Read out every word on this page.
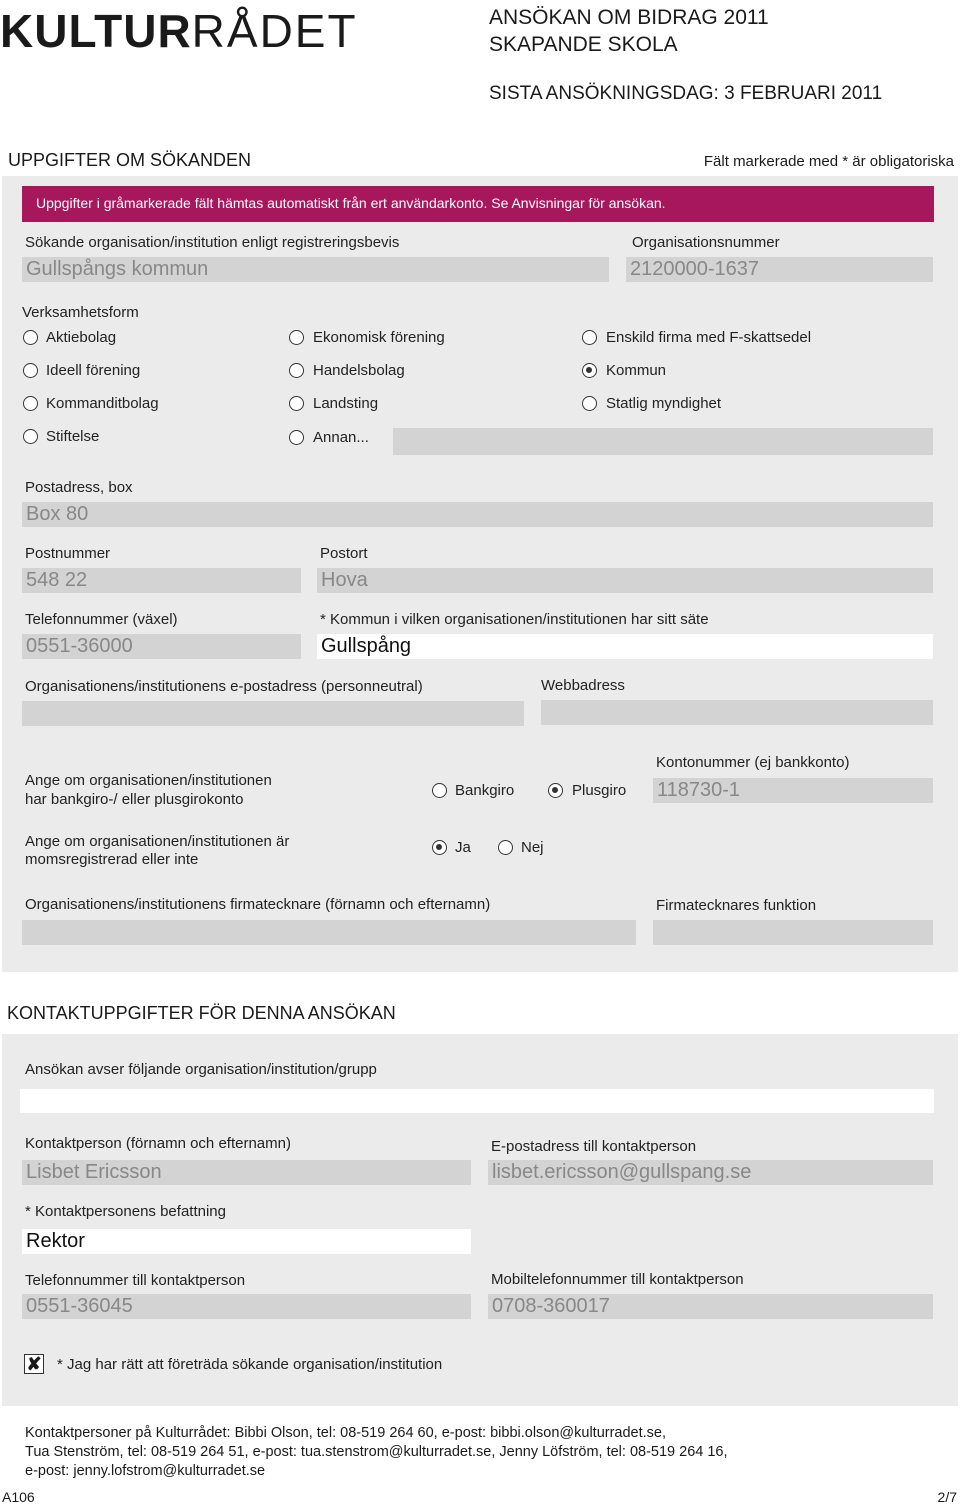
KULTURRÅDET	ANSÖKAN OM BIDRAG 2011
SKAPANDE SKOLA
SISTA ANSÖKNINGSDAG: 3 FEBRUARI 2011
UPPGIFTER OM SÖKANDEN	Fält markerade med * är obligatoriska
Uppgifter i gråmarkerade fält hämtas automatiskt från ert användarkonto. Se Anvisningar för ansökan.
Sökande organisation/institution enligt registreringsbevis
Gullspångs kommun
Organisationsnummer
2120000-1637
Verksamhetsform
Aktiebolag	Ekonomisk förening	Enskild firma med F-skattsedel
Ideell förening	Handelsbolag	Kommun
Kommanditbolag	Landsting	Statlig myndighet
Stiftelse	Annan...
Postadress, box
Box 80
Postnummer
548 22
Postort
Hova
Telefonnummer (växel)
0551-36000
* Kommun i vilken organisationen/institutionen har sitt säte
Gullspång
Organisationens/institutionens e-postadress (personneutral)	Webbadress
Ange om organisationen/institutionen
har bankgiro-/ eller plusgirokonto
Bankgiro	Plusgiro
Kontonummer (ej bankkonto)
118730-1
Ange om organisationen/institutionen är
momsregistrerad eller inte
Ja	Nej
Organisationens/institutionens firmatecknare (förnamn och efternamn)	Firmatecknares funktion
KONTAKTUPPGIFTER FÖR DENNA ANSÖKAN
Ansökan avser följande organisation/institution/grupp
Kontaktperson (förnamn och efternamn)
Lisbet Ericsson
E-postadress till kontaktperson
lisbet.ericsson@gullspang.se
* Kontaktpersonens befattning
Rektor
Telefonnummer till kontaktperson
0551-36045
Mobiltelefonnummer till kontaktperson
0708-360017
✘ * Jag har rätt att företräda sökande organisation/institution
Kontaktpersoner på Kulturrådet: Bibbi Olson, tel: 08-519 264 60, e-post: bibbi.olson@kulturradet.se,
Tua Stenström, tel: 08-519 264 51, e-post: tua.stenstrom@kulturradet.se, Jenny Löfström, tel: 08-519 264 16,
e-post: jenny.lofstrom@kulturradet.se
A106	2/7
